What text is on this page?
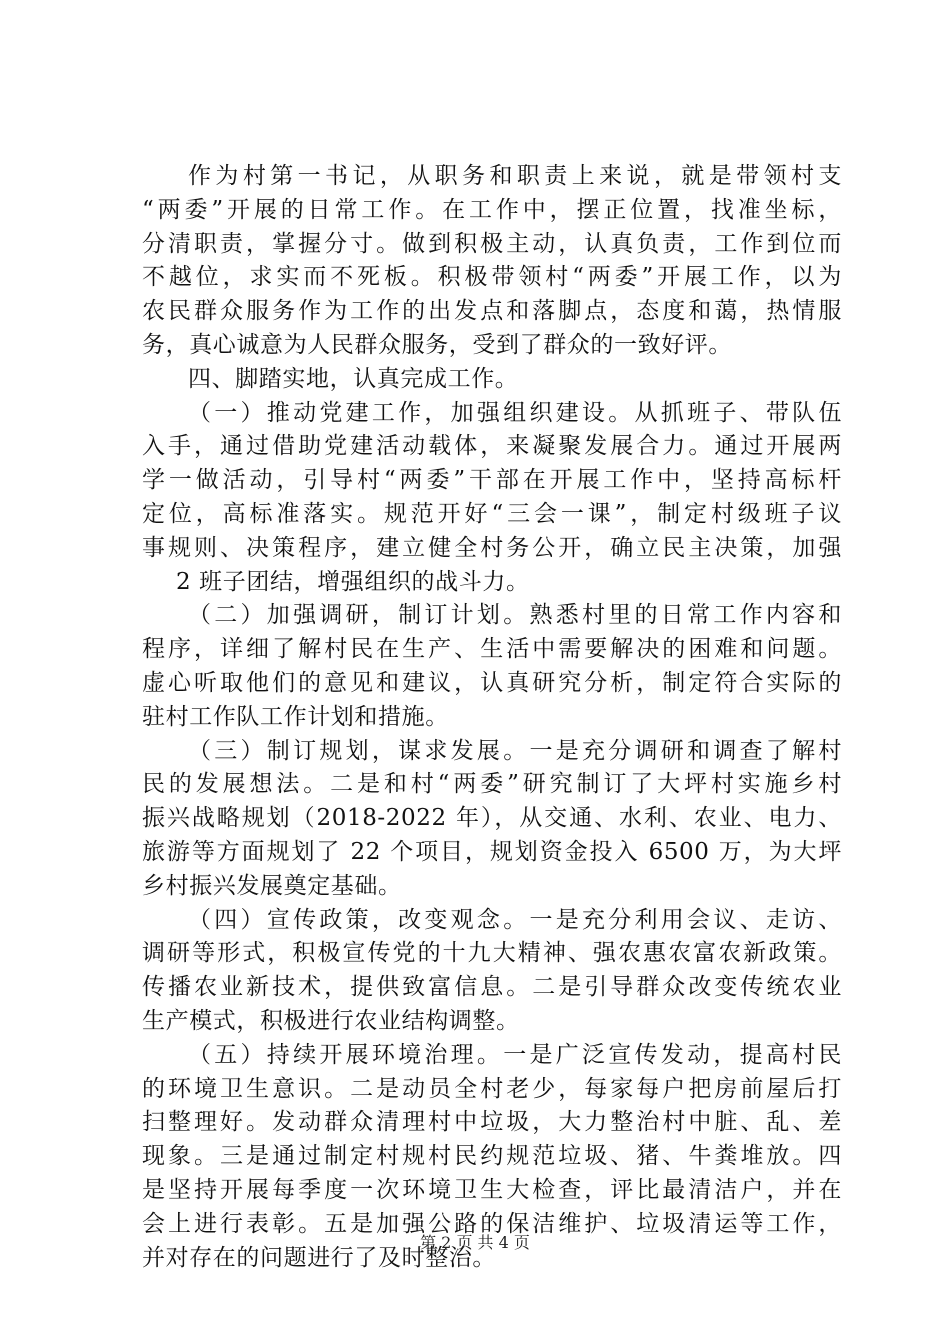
作为村第一书记，从职务和职责上来说，就是带领村支
“两委”开展的日常工作。在工作中，摆正位置，找准坐标，
分清职责，掌握分寸。做到积极主动，认真负责，工作到位而
不越位，求实而不死板。积极带领村“两委”开展工作，以为
农民群众服务作为工作的出发点和落脚点，态度和蔼，热情服
务，真心诚意为人民群众服务，受到了群众的一致好评。
四、脚踏实地，认真完成工作。
（一）推动党建工作，加强组织建设。从抓班子、带队伍
入手，通过借助党建活动载体，来凝聚发展合力。通过开展两
学一做活动，引导村“两委”干部在开展工作中，坚持高标杆
定位，高标准落实。规范开好“三会一课”，制定村级班子议
事规则、决策程序，建立健全村务公开，确立民主决策，加强
2 班子团结，增强组织的战斗力。
（二）加强调研，制订计划。熟悉村里的日常工作内容和
程序，详细了解村民在生产、生活中需要解决的困难和问题。
虚心听取他们的意见和建议，认真研究分析，制定符合实际的
驻村工作队工作计划和措施。
（三）制订规划，谋求发展。一是充分调研和调查了解村
民的发展想法。二是和村“两委”研究制订了大坪村实施乡村
振兴战略规划（2018-2022 年），从交通、水利、农业、电力、
旅游等方面规划了 22 个项目，规划资金投入 6500 万，为大坪
乡村振兴发展奠定基础。
（四）宣传政策，改变观念。一是充分利用会议、走访、
调研等形式，积极宣传党的十九大精神、强农惠农富农新政策。
传播农业新技术，提供致富信息。二是引导群众改变传统农业
生产模式，积极进行农业结构调整。
（五）持续开展环境治理。一是广泛宣传发动，提高村民
的环境卫生意识。二是动员全村老少，每家每户把房前屋后打
扫整理好。发动群众清理村中垃圾，大力整治村中脏、乱、差
现象。三是通过制定村规村民约规范垃圾、猪、牛粪堆放。四
是坚持开展每季度一次环境卫生大检查，评比最清洁户，并在
会上进行表彰。五是加强公路的保洁维护、垃圾清运等工作，
并对存在的问题进行了及时整治。
第 2 页 共 4 页
